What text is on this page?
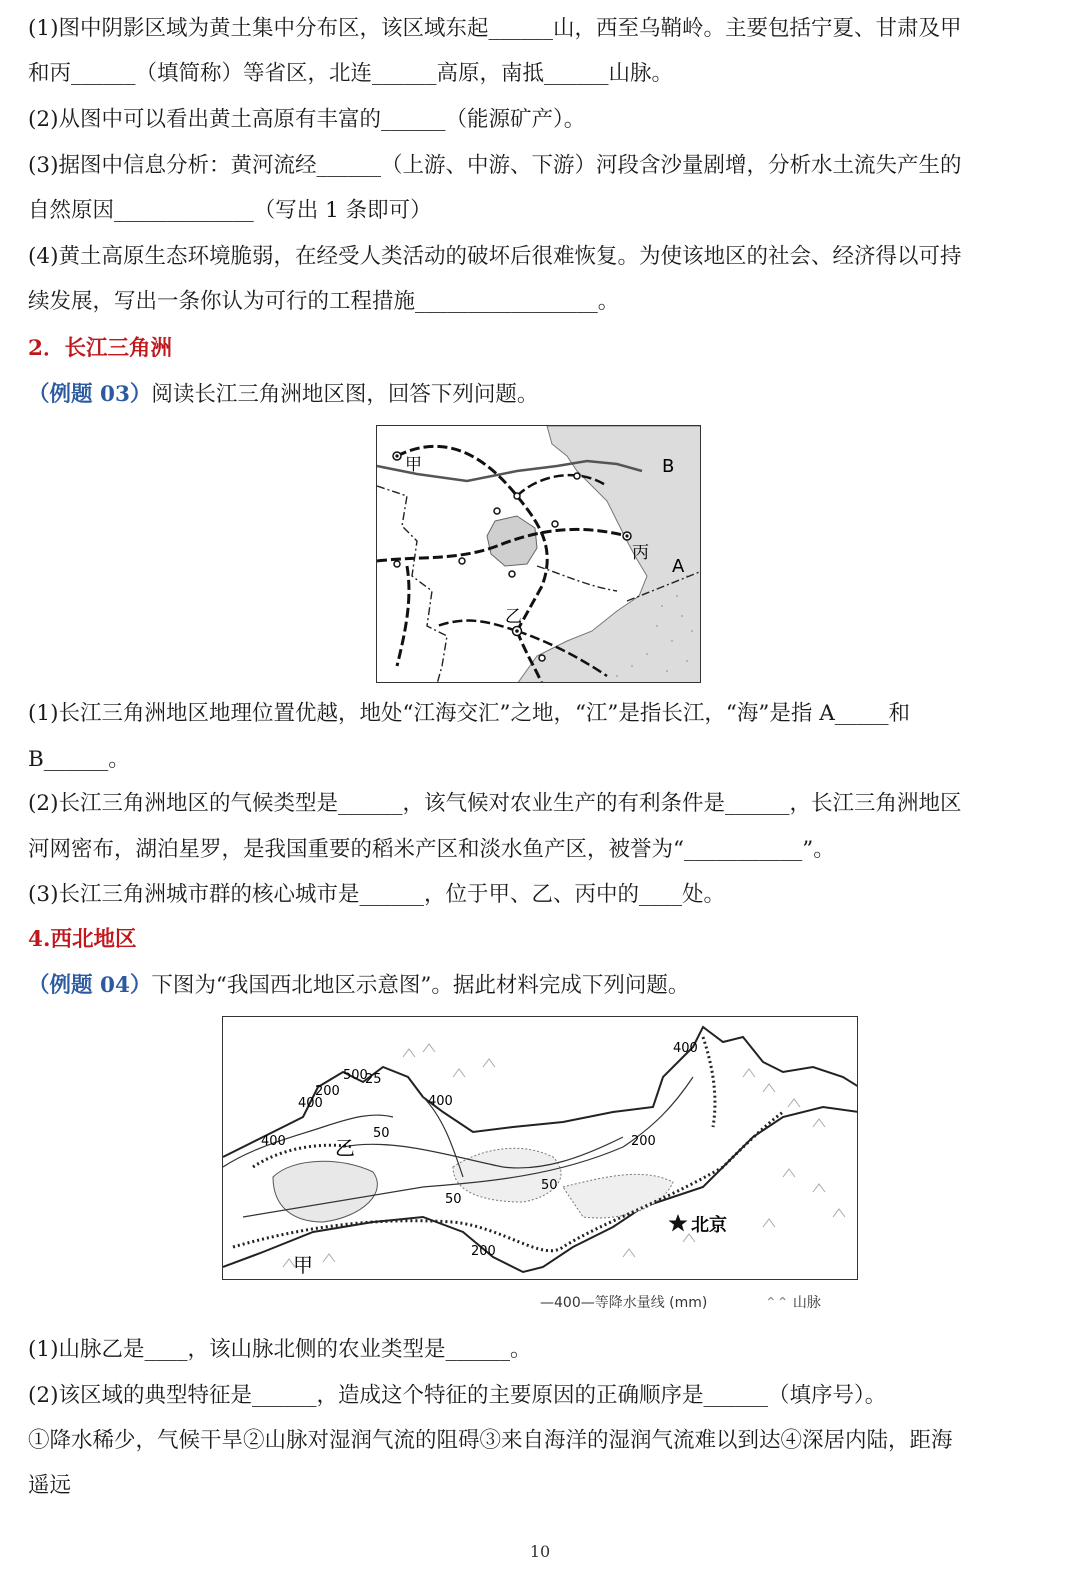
(1)图中阴影区域为黄土集中分布区，该区域东起______山，西至乌鞘岭。主要包括宁夏、甘肃及甲
和丙______（填简称）等省区，北连______高原，南抵______山脉。
(2)从图中可以看出黄土高原有丰富的______（能源矿产）。
(3)据图中信息分析：黄河流经______（上游、中游、下游）河段含沙量剧增，分析水土流失产生的
自然原因_____________（写出 1 条即可）
(4)黄土高原生态环境脆弱，在经受人类活动的破坏后很难恢复。为使该地区的社会、经济得以可持
续发展，写出一条你认为可行的工程措施_________________。
2．长江三角洲
（例题 03）阅读长江三角洲地区图，回答下列问题。
甲
乙
丙
A
B
(1)长江三角洲地区地理位置优越，地处“江海交汇”之地，“江”是指长江，“海”是指 A_____和
B______。
(2)长江三角洲地区的气候类型是______，该气候对农业生产的有利条件是______，长江三角洲地区
河网密布，湖泊星罗，是我国重要的稻米产区和淡水鱼产区，被誉为“___________”。
(3)长江三角洲城市群的核心城市是______，位于甲、乙、丙中的____处。
4.西北地区
（例题 04）下图为“我国西北地区示意图”。据此材料完成下列问题。
北京
甲
乙
400
400
400
400
200
200
200
50
50
50
500
25
—400—等降水量线 (mm)	⌃⌃ 山脉
(1)山脉乙是____，该山脉北侧的农业类型是______。
(2)该区域的典型特征是______，造成这个特征的主要原因的正确顺序是______（填序号）。
①降水稀少，气候干旱②山脉对湿润气流的阻碍③来自海洋的湿润气流难以到达④深居内陆，距海
遥远
10
